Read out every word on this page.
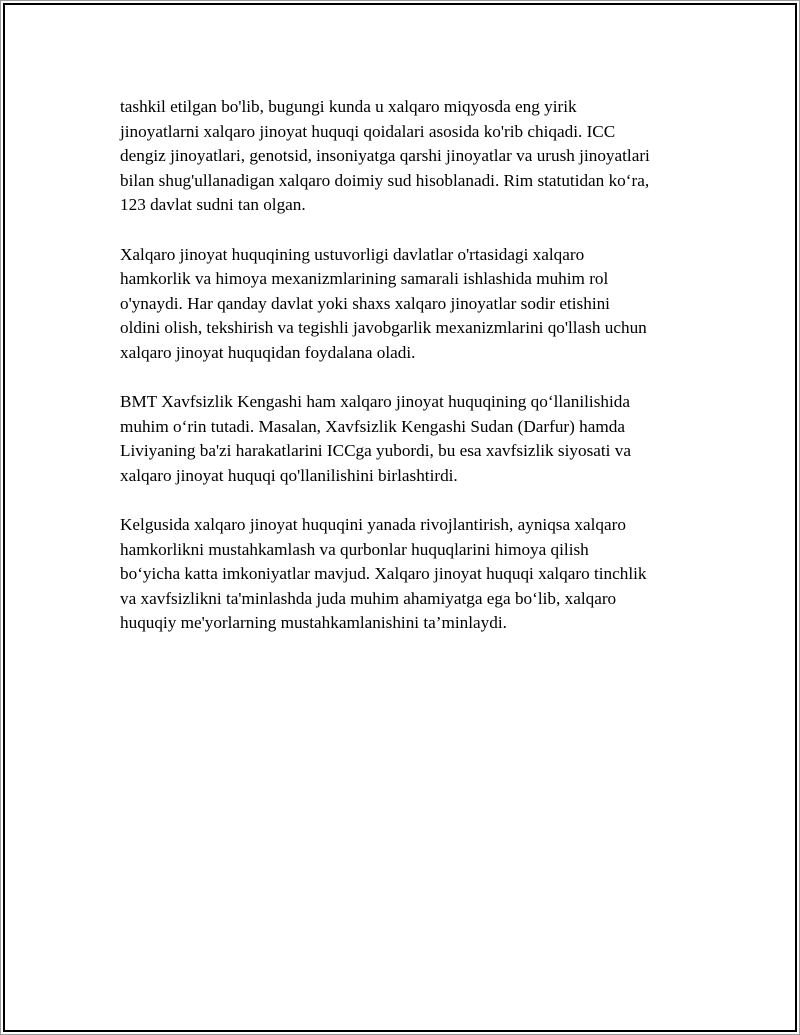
tashkil etilgan bo'lib, bugungi kunda u xalqaro miqyosda eng yirik
jinoyatlarni xalqaro jinoyat huquqi qoidalari asosida ko'rib chiqadi. ICC
dengiz jinoyatlari, genotsid, insoniyatga qarshi jinoyatlar va urush jinoyatlari
bilan shug'ullanadigan xalqaro doimiy sud hisoblanadi. Rim statutidan ko‘ra,
123 davlat sudni tan olgan.

Xalqaro jinoyat huquqining ustuvorligi davlatlar o'rtasidagi xalqaro
hamkorlik va himoya mexanizmlarining samarali ishlashida muhim rol
o'ynaydi. Har qanday davlat yoki shaxs xalqaro jinoyatlar sodir etishini
oldini olish, tekshirish va tegishli javobgarlik mexanizmlarini qo'llash uchun
xalqaro jinoyat huquqidan foydalana oladi.

BMT Xavfsizlik Kengashi ham xalqaro jinoyat huquqining qo‘llanilishida
muhim o‘rin tutadi. Masalan, Xavfsizlik Kengashi Sudan (Darfur) hamda
Liviyaning ba'zi harakatlarini ICCga yubordi, bu esa xavfsizlik siyosati va
xalqaro jinoyat huquqi qo'llanilishini birlashtirdi.

Kelgusida xalqaro jinoyat huquqini yanada rivojlantirish, ayniqsa xalqaro
hamkorlikni mustahkamlash va qurbonlar huquqlarini himoya qilish
bo‘yicha katta imkoniyatlar mavjud. Xalqaro jinoyat huquqi xalqaro tinchlik
va xavfsizlikni ta'minlashda juda muhim ahamiyatga ega bo‘lib, xalqaro
huquqiy me'yorlarning mustahkamlanishini ta’minlaydi.
